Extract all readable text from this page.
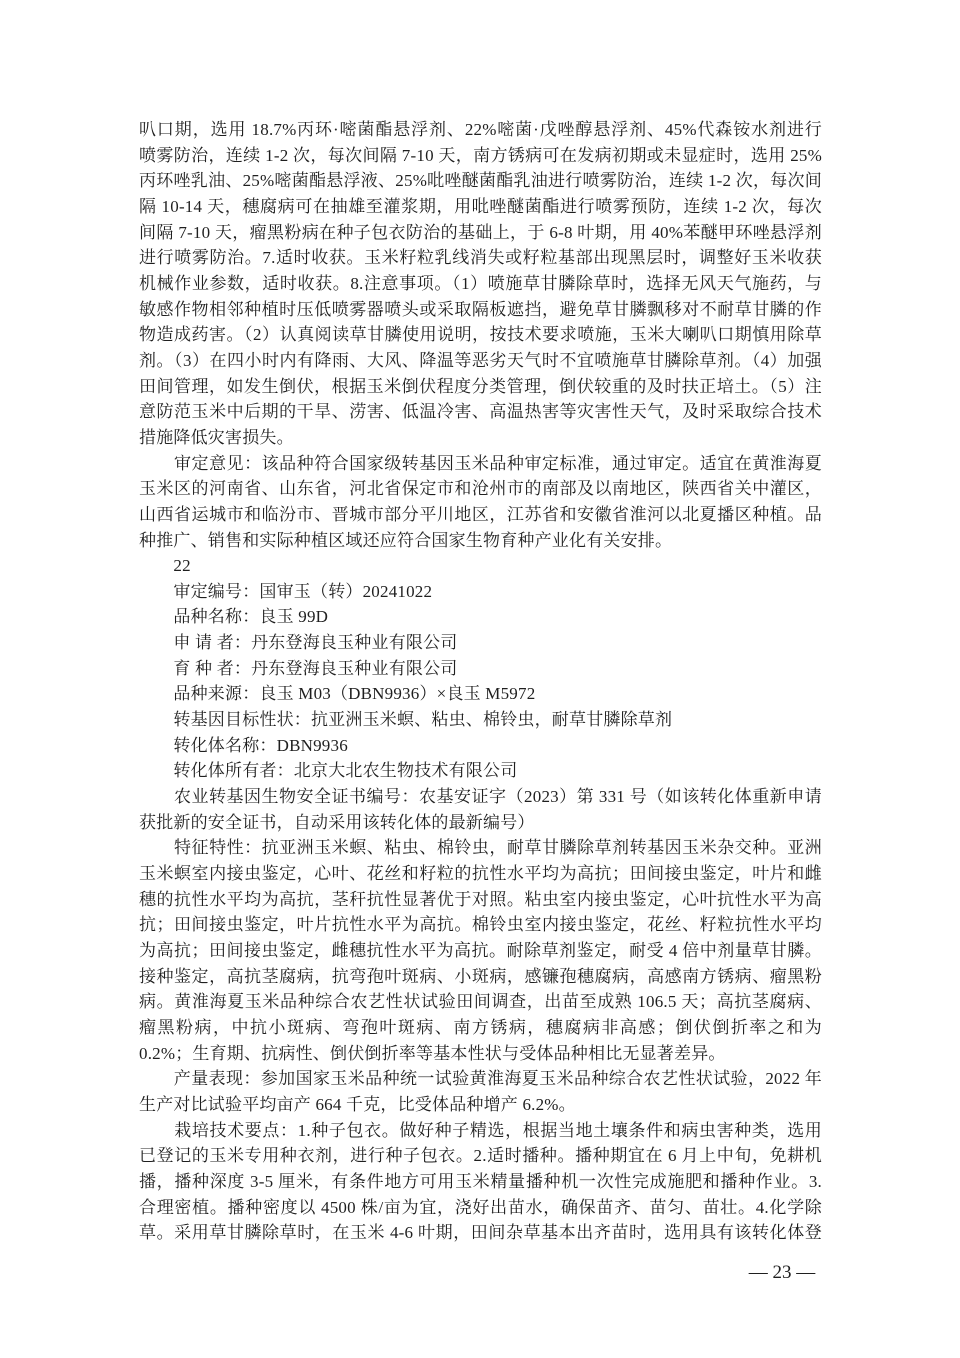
叭口期，选用 18.7%丙环·嘧菌酯悬浮剂、22%嘧菌·戊唑醇悬浮剂、45%代森铵水剂进行
喷雾防治，连续 1-2 次，每次间隔 7-10 天，南方锈病可在发病初期或未显症时，选用 25%
丙环唑乳油、25%嘧菌酯悬浮液、25%吡唑醚菌酯乳油进行喷雾防治，连续 1-2 次，每次间
隔 10-14 天，穗腐病可在抽雄至灌浆期，用吡唑醚菌酯进行喷雾预防，连续 1-2 次，每次
间隔 7-10 天，瘤黑粉病在种子包衣防治的基础上，于 6-8 叶期，用 40%苯醚甲环唑悬浮剂
进行喷雾防治。7.适时收获。玉米籽粒乳线消失或籽粒基部出现黑层时，调整好玉米收获
机械作业参数，适时收获。8.注意事项。（1）喷施草甘膦除草时，选择无风天气施药，与
敏感作物相邻种植时压低喷雾器喷头或采取隔板遮挡，避免草甘膦飘移对不耐草甘膦的作
物造成药害。（2）认真阅读草甘膦使用说明，按技术要求喷施，玉米大喇叭口期慎用除草
剂。（3）在四小时内有降雨、大风、降温等恶劣天气时不宜喷施草甘膦除草剂。（4）加强
田间管理，如发生倒伏，根据玉米倒伏程度分类管理，倒伏较重的及时扶正培土。（5）注
意防范玉米中后期的干旱、涝害、低温冷害、高温热害等灾害性天气，及时采取综合技术
措施降低灾害损失。
　　审定意见：该品种符合国家级转基因玉米品种审定标准，通过审定。适宜在黄淮海夏
玉米区的河南省、山东省，河北省保定市和沧州市的南部及以南地区，陕西省关中灌区，
山西省运城市和临汾市、晋城市部分平川地区，江苏省和安徽省淮河以北夏播区种植。品
种推广、销售和实际种植区域还应符合国家生物育种产业化有关安排。
　　22
　　审定编号：国审玉（转）20241022
　　品种名称：良玉 99D
　　申 请 者：丹东登海良玉种业有限公司
　　育 种 者：丹东登海良玉种业有限公司
　　品种来源：良玉 M03（DBN9936）×良玉 M5972
　　转基因目标性状：抗亚洲玉米螟、粘虫、棉铃虫，耐草甘膦除草剂
　　转化体名称：DBN9936
　　转化体所有者：北京大北农生物技术有限公司
　　农业转基因生物安全证书编号：农基安证字（2023）第 331 号（如该转化体重新申请
获批新的安全证书，自动采用该转化体的最新编号）
　　特征特性：抗亚洲玉米螟、粘虫、棉铃虫，耐草甘膦除草剂转基因玉米杂交种。亚洲
玉米螟室内接虫鉴定，心叶、花丝和籽粒的抗性水平均为高抗；田间接虫鉴定，叶片和雌
穗的抗性水平均为高抗，茎秆抗性显著优于对照。粘虫室内接虫鉴定，心叶抗性水平为高
抗；田间接虫鉴定，叶片抗性水平为高抗。棉铃虫室内接虫鉴定，花丝、籽粒抗性水平均
为高抗；田间接虫鉴定，雌穗抗性水平为高抗。耐除草剂鉴定，耐受 4 倍中剂量草甘膦。
接种鉴定，高抗茎腐病，抗弯孢叶斑病、小斑病，感镰孢穗腐病，高感南方锈病、瘤黑粉
病。黄淮海夏玉米品种综合农艺性状试验田间调查，出苗至成熟 106.5 天；高抗茎腐病、
瘤黑粉病，中抗小斑病、弯孢叶斑病、南方锈病，穗腐病非高感；倒伏倒折率之和为
0.2%；生育期、抗病性、倒伏倒折率等基本性状与受体品种相比无显著差异。
　　产量表现：参加国家玉米品种统一试验黄淮海夏玉米品种综合农艺性状试验，2022 年
生产对比试验平均亩产 664 千克，比受体品种增产 6.2%。
　　栽培技术要点：1.种子包衣。做好种子精选，根据当地土壤条件和病虫害种类，选用
已登记的玉米专用种衣剂，进行种子包衣。2.适时播种。播种期宜在 6 月上中旬，免耕机
播，播种深度 3-5 厘米，有条件地方可用玉米精量播种机一次性完成施肥和播种作业。3.
合理密植。播种密度以 4500 株/亩为宜，浇好出苗水，确保苗齐、苗匀、苗壮。4.化学除
草。采用草甘膦除草时，在玉米 4-6 叶期，田间杂草基本出齐苗时，选用具有该转化体登
— 23 —
